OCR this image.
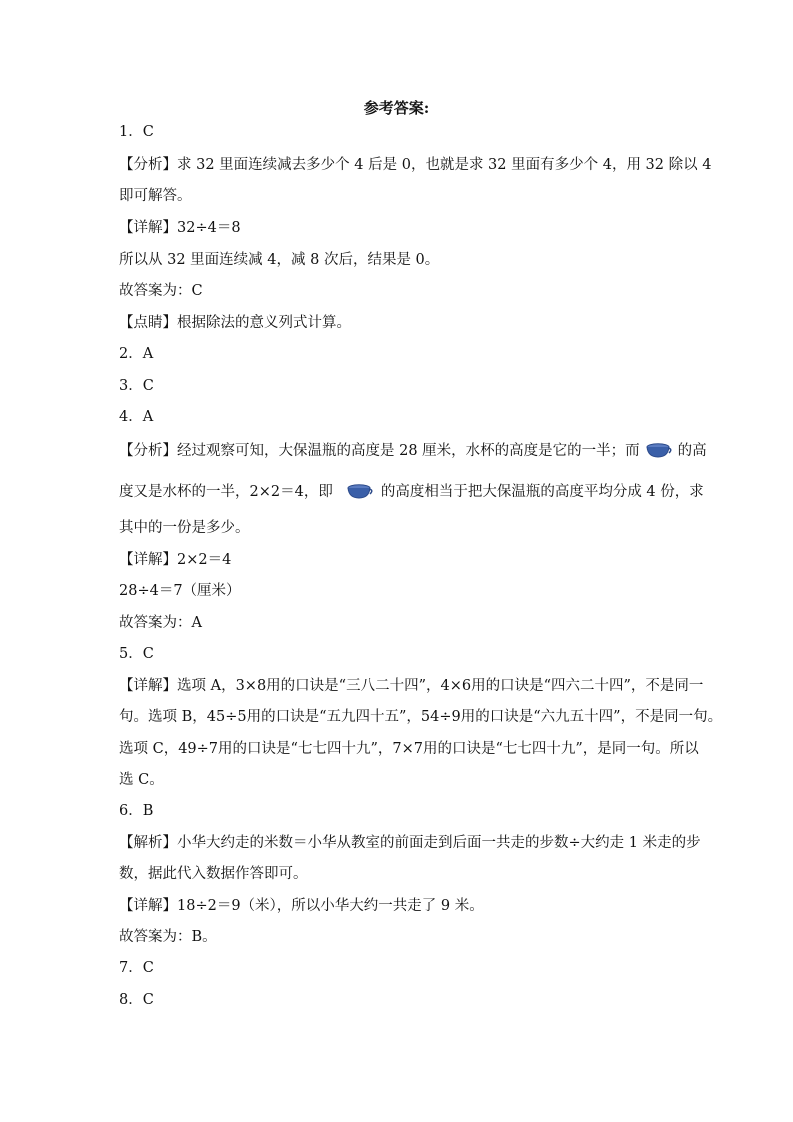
参考答案:
1．C
【分析】求 32 里面连续减去多少个 4 后是 0，也就是求 32 里面有多少个 4，用 32 除以 4
即可解答。
【详解】32÷4＝8
所以从 32 里面连续减 4，减 8 次后，结果是 0。
故答案为：C
【点睛】根据除法的意义列式计算。
2．A
3．C
4．A
【分析】经过观察可知，大保温瓶的高度是 28 厘米，水杯的高度是它的一半；而	的高
度又是水杯的一半，2×2＝4，即	的高度相当于把大保温瓶的高度平均分成 4 份，求
其中的一份是多少。
【详解】2×2＝4
28÷4＝7（厘米）
故答案为：A
5．C
【详解】选项 A，3×8用的口诀是“三八二十四”，4×6用的口诀是“四六二十四”，不是同一
句。选项 B，45÷5用的口诀是“五九四十五”，54÷9用的口诀是“六九五十四”，不是同一句。
选项 C，49÷7用的口诀是“七七四十九”，7×7用的口诀是“七七四十九”，是同一句。所以
选 C。
6．B
【解析】小华大约走的米数＝小华从教室的前面走到后面一共走的步数÷大约走 1 米走的步
数，据此代入数据作答即可。
【详解】18÷2＝9（米），所以小华大约一共走了 9 米。
故答案为：B。
7．C
8．C
